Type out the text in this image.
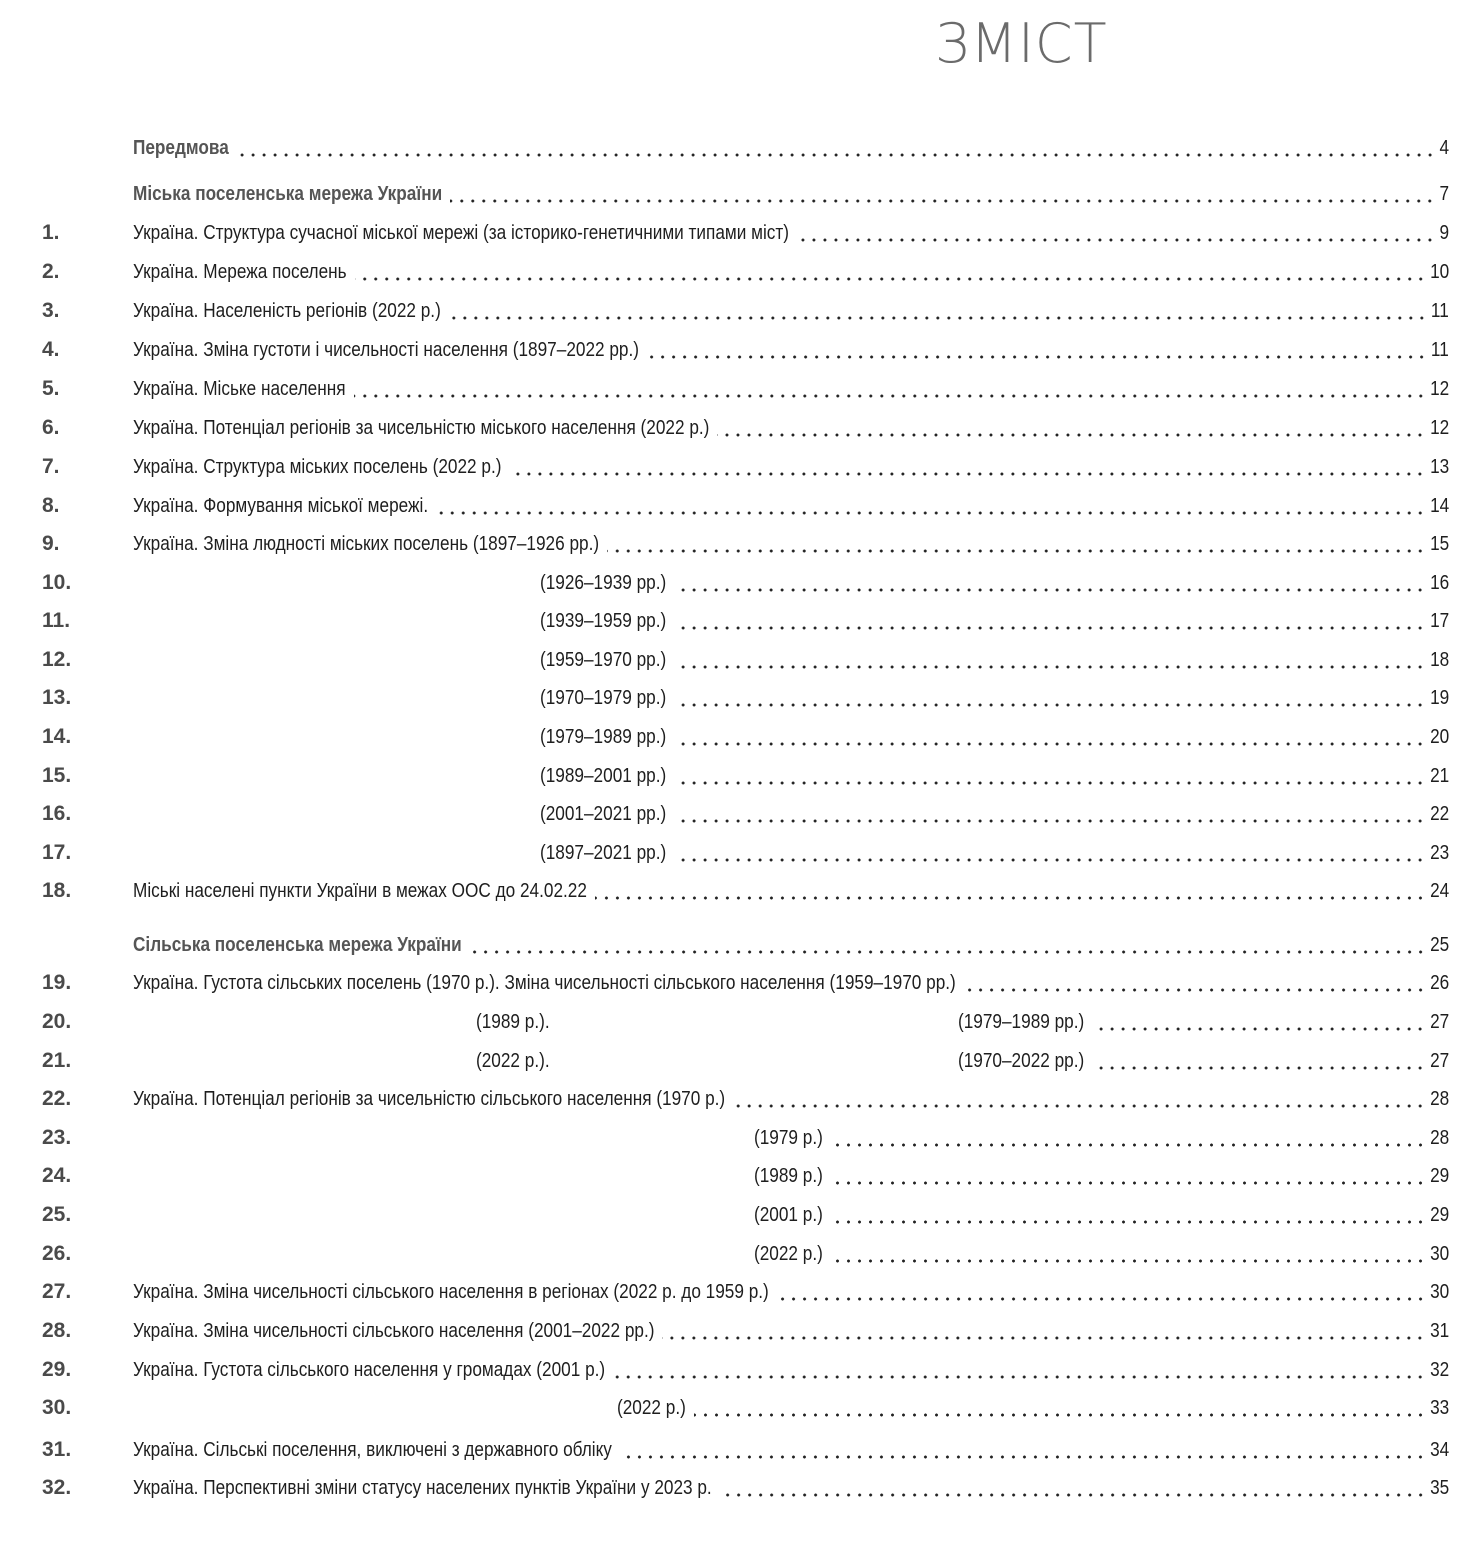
ЗМІСТ
Передмова	4
Міська поселенська мережа України	7
1.	Україна. Структура сучасної міської мережі (за історико-генетичними типами міст)	9
2.	Україна. Мережа поселень	10
3.	Україна. Населеність регіонів (2022 р.)	11
4.	Україна. Зміна густоти і чисельності населення (1897–2022 рр.)	11
5.	Україна. Міське населення	12
6.	Україна. Потенціал регіонів за чисельністю міського населення (2022 р.)	12
7.	Україна. Структура міських поселень (2022 р.)	13
8.	Україна. Формування міської мережі.	14
9.	Україна. Зміна людності міських поселень (1897–1926 рр.)	15
10.	(1926–1939 рр.)	16
11.	(1939–1959 рр.)	17
12.	(1959–1970 рр.)	18
13.	(1970–1979 рр.)	19
14.	(1979–1989 рр.)	20
15.	(1989–2001 рр.)	21
16.	(2001–2021 рр.)	22
17.	(1897–2021 рр.)	23
18.	Міські населені пункти України в межах ООС до 24.02.22	24
Сільська поселенська мережа України	25
19.	Україна. Густота сільських поселень (1970 р.). Зміна чисельності сільського населення (1959–1970 рр.)	26
20.	(1989 р.).	(1979–1989 рр.)	27
21.	(2022 р.).	(1970–2022 рр.)	27
22.	Україна. Потенціал регіонів за чисельністю сільського населення (1970 р.)	28
23.	(1979 р.)	28
24.	(1989 р.)	29
25.	(2001 р.)	29
26.	(2022 р.)	30
27.	Україна. Зміна чисельності сільського населення в регіонах (2022 р. до 1959 р.)	30
28.	Україна. Зміна чисельності сільського населення (2001–2022 рр.)	31
29.	Україна. Густота сільського населення у громадах (2001 р.)	32
30.	(2022 р.)	33
31.	Україна. Сільські поселення, виключені з державного обліку	34
32.	Україна. Перспективні зміни статусу населених пунктів України у 2023 р.	35
